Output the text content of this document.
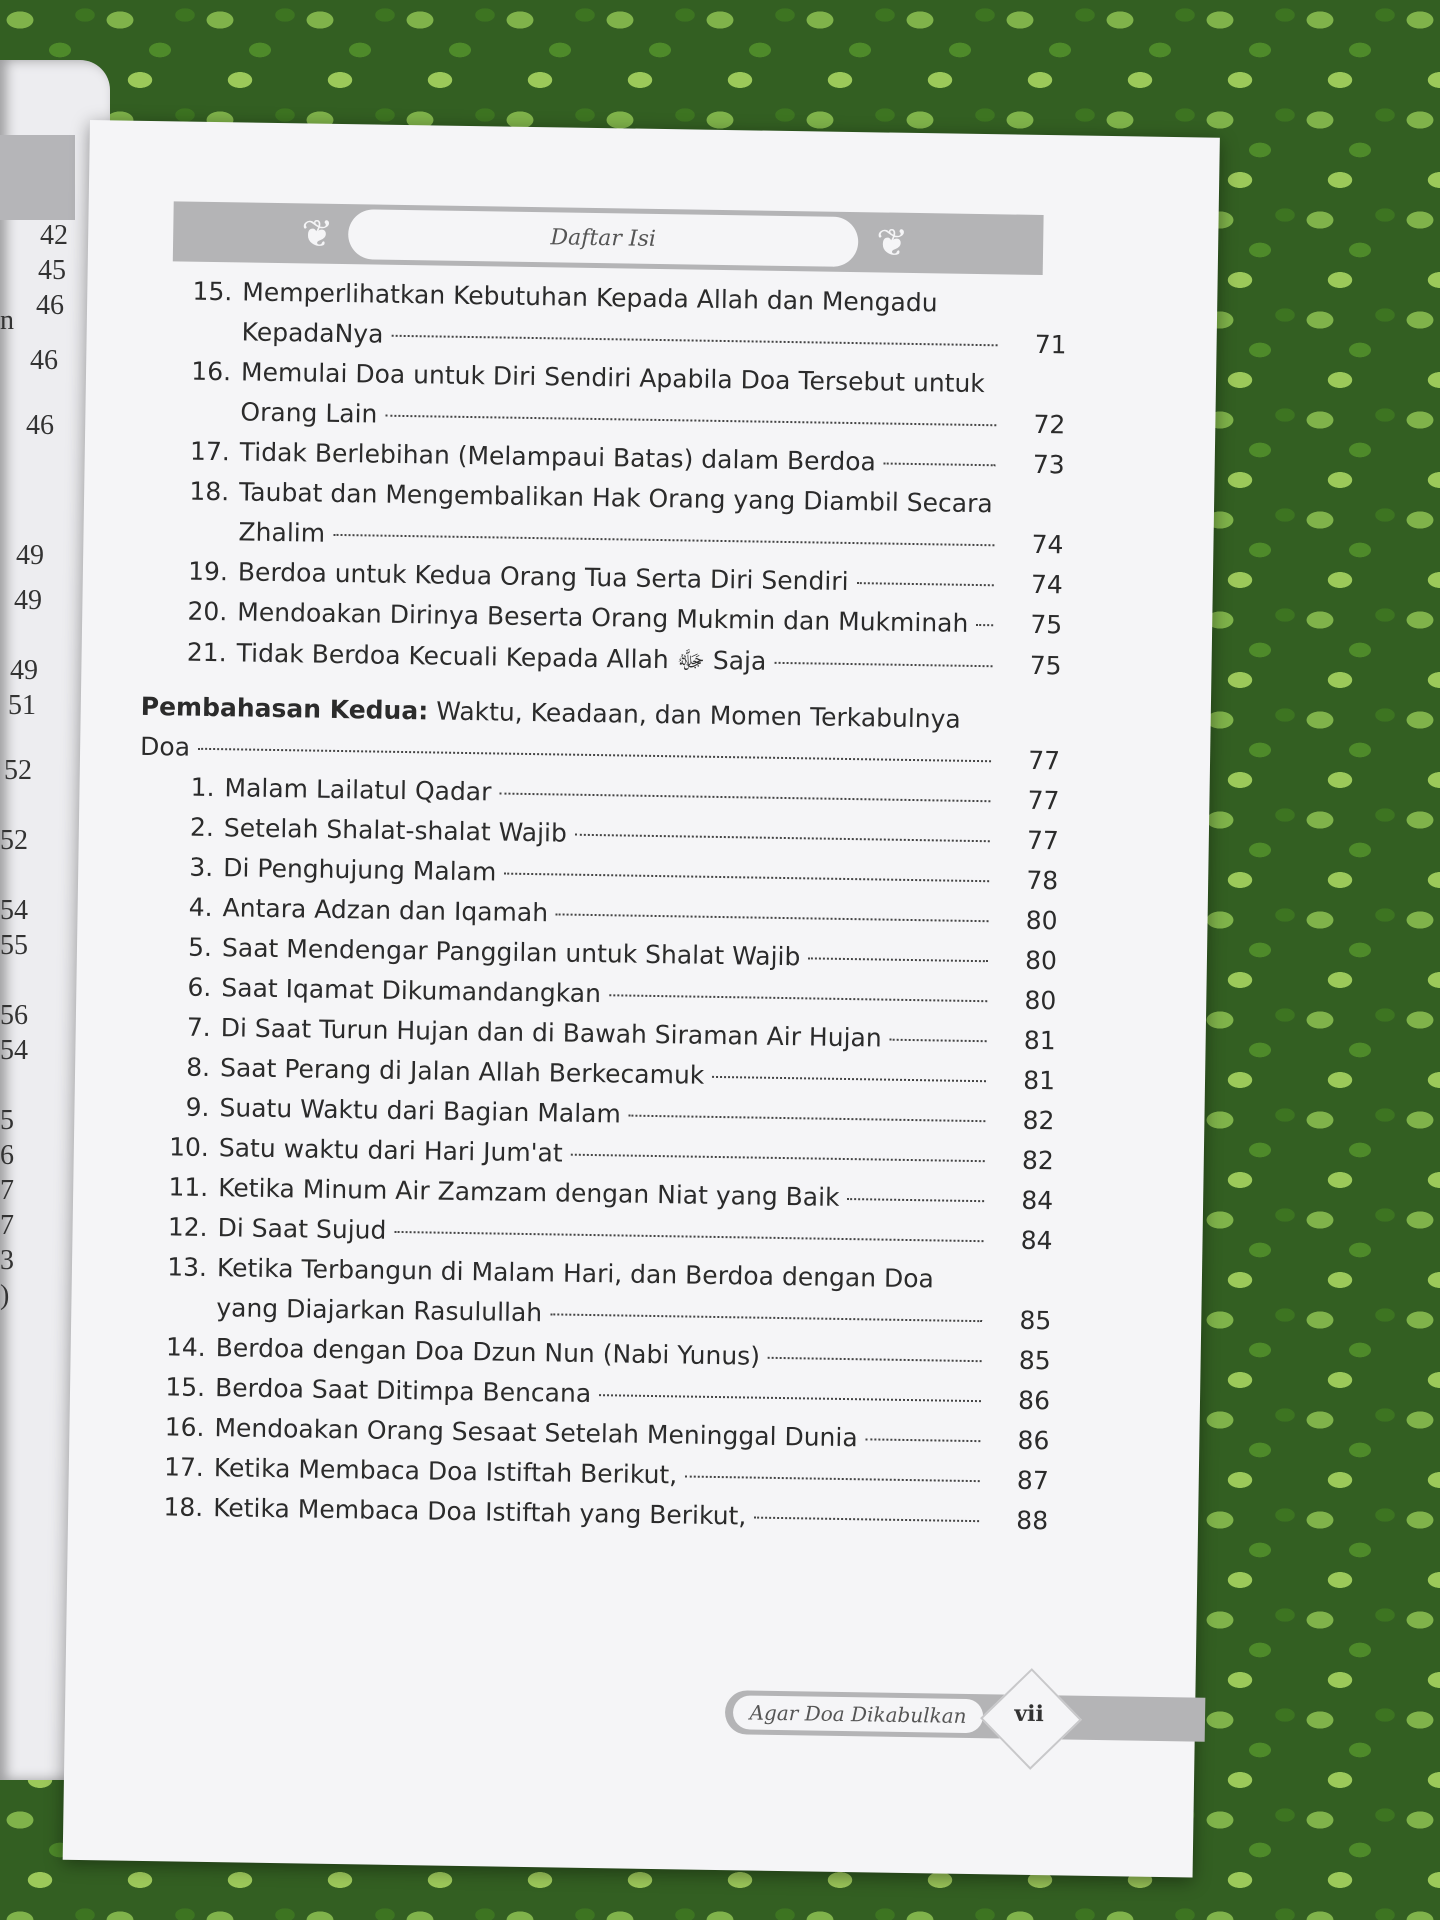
42
45
46
n
46
46
49
49
49
51
52
52
54
55
56
54
5
6
7
7
3
)
❦	Daftar Isi	❦
15. Memperlihatkan Kebutuhan Kepada Allah dan Mengadu
KepadaNya	71
16. Memulai Doa untuk Diri Sendiri Apabila Doa Tersebut untuk
Orang Lain	72
17. Tidak Berlebihan (Melampaui Batas) dalam Berdoa	73
18. Taubat dan Mengembalikan Hak Orang yang Diambil Secara
Zhalim	74
19. Berdoa untuk Kedua Orang Tua Serta Diri Sendiri	74
20. Mendoakan Dirinya Beserta Orang Mukmin dan Mukminah	75
21. Tidak Berdoa Kecuali Kepada Allah ﷻ Saja	75
Pembahasan Kedua: Waktu, Keadaan, dan Momen Terkabulnya
Doa	77
1. Malam Lailatul Qadar	77
2. Setelah Shalat-shalat Wajib	77
3. Di Penghujung Malam	78
4. Antara Adzan dan Iqamah	80
5. Saat Mendengar Panggilan untuk Shalat Wajib	80
6. Saat Iqamat Dikumandangkan	80
7. Di Saat Turun Hujan dan di Bawah Siraman Air Hujan	81
8. Saat Perang di Jalan Allah Berkecamuk	81
9. Suatu Waktu dari Bagian Malam	82
10. Satu waktu dari Hari Jum'at	82
11. Ketika Minum Air Zamzam dengan Niat yang Baik	84
12. Di Saat Sujud	84
13. Ketika Terbangun di Malam Hari, dan Berdoa dengan Doa
yang Diajarkan Rasulullah	85
14. Berdoa dengan Doa Dzun Nun (Nabi Yunus)	85
15. Berdoa Saat Ditimpa Bencana	86
16. Mendoakan Orang Sesaat Setelah Meninggal Dunia	86
17. Ketika Membaca Doa Istiftah Berikut,	87
18. Ketika Membaca Doa Istiftah yang Berikut,	88
Agar Doa Dikabulkan	vii
